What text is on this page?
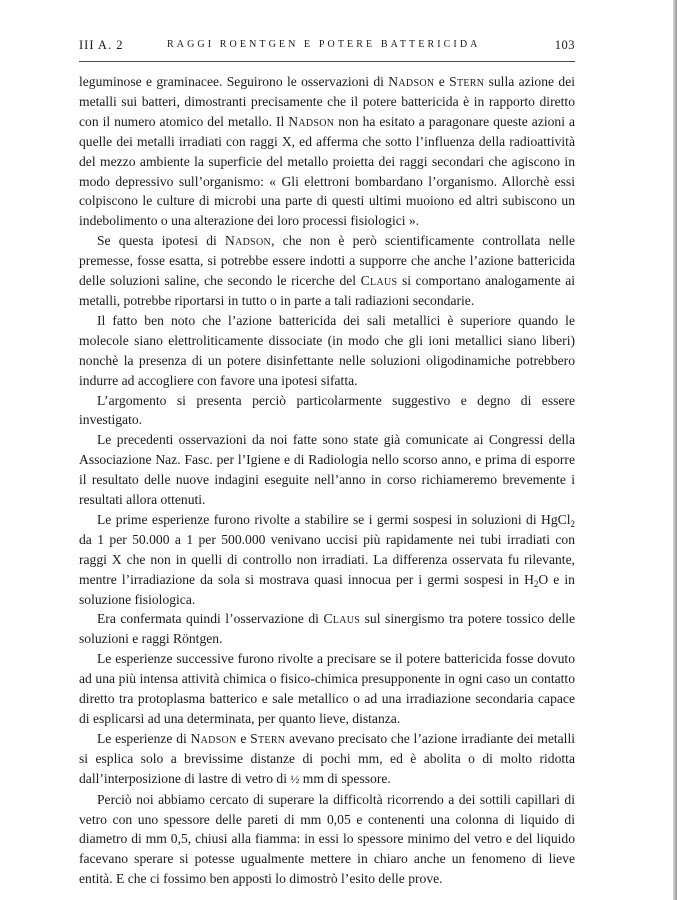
III A. 2	RAGGI ROENTGEN E POTERE BATTERICIDA	103

leguminose e graminacee. Seguirono le osservazioni di Nadson e Stern sulla azione dei metalli sui batteri, dimostranti precisamente che il potere battericida è in rapporto diretto con il numero atomico del metallo. Il Nadson non ha esitato a paragonare queste azioni a quelle dei metalli irradiati con raggi X, ed afferma che sotto l’influenza della radioattività del mezzo ambiente la superficie del metallo proietta dei raggi secondari che agiscono in modo depressivo sull’organismo: « Gli elettroni bombardano l’organismo. Allorchè essi colpiscono le culture di microbi una parte di questi ultimi muoiono ed altri subiscono un indebolimento o una alterazione dei loro processi fisiologici ».

Se questa ipotesi di Nadson, che non è però scientificamente controllata nelle premesse, fosse esatta, si potrebbe essere indotti a supporre che anche l’azione battericida delle soluzioni saline, che secondo le ricerche del Claus si comportano analogamente ai metalli, potrebbe riportarsi in tutto o in parte a tali radiazioni secondarie.

Il fatto ben noto che l’azione battericida dei sali metallici è superiore quando le molecole siano elettroliticamente dissociate (in modo che gli ioni metallici siano liberi) nonchè la presenza di un potere disinfettante nelle soluzioni oligodinamiche potrebbero indurre ad accogliere con favore una ipotesi sifatta.

L’argomento si presenta perciò particolarmente suggestivo e degno di essere investigato.

Le precedenti osservazioni da noi fatte sono state già comunicate ai Congressi della Associazione Naz. Fasc. per l’Igiene e di Radiologia nello scorso anno, e prima di esporre il resultato delle nuove indagini eseguite nell’anno in corso richiameremo brevemente i resultati allora ottenuti.

Le prime esperienze furono rivolte a stabilire se i germi sospesi in soluzioni di HgCl$_2$ da 1 per 50.000 a 1 per 500.000 venivano uccisi più rapidamente nei tubi irradiati con raggi X che non in quelli di controllo non irradiati. La differenza osservata fu rilevante, mentre l’irradiazione da sola si mostrava quasi innocua per i germi sospesi in $H_2O$ e in soluzione fisiologica.

Era confermata quindi l’osservazione di Claus sul sinergismo tra potere tossico delle soluzioni e raggi Röntgen.

Le esperienze successive furono rivolte a precisare se il potere battericida fosse dovuto ad una più intensa attività chimica o fisico-chimica presupponente in ogni caso un contatto diretto tra protoplasma batterico e sale metallico o ad una irradiazione secondaria capace di esplicarsi ad una determinata, per quanto lieve, distanza.

Le esperienze di Nadson e Stern avevano precisato che l’azione irradiante dei metalli si esplica solo a brevissime distanze di pochi mm, ed è abolita o di molto ridotta dall’interposizione di lastre di vetro di ½ mm di spessore.

Perciò noi abbiamo cercato di superare la difficoltà ricorrendo a dei sottili capillari di vetro con uno spessore delle pareti di mm 0,05 e contenenti una colonna di liquido di diametro di mm 0,5, chiusi alla fiamma: in essi lo spessore minimo del vetro e del liquido facevano sperare si potesse ugualmente mettere in chiaro anche un fenomeno di lieve entità. E che ci fossimo ben apposti lo dimostrò l’esito delle prove.
